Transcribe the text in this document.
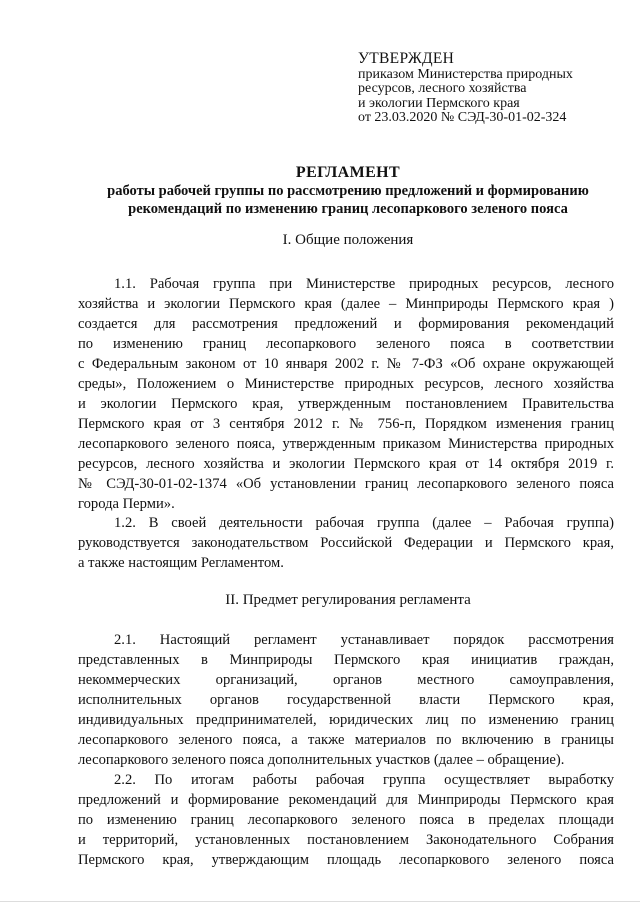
УТВЕРЖДЕН
приказом Министерства природных
ресурсов, лесного хозяйства
и экологии Пермского края
от 23.03.2020 № СЭД-30-01-02-324
РЕГЛАМЕНТ
работы рабочей группы по рассмотрению предложений и формированию
рекомендаций по изменению границ лесопаркового зеленого пояса
I. Общие положения
1.1. Рабочая группа при Министерстве природных ресурсов, лесного
хозяйства и экологии Пермского края (далее – Минприроды Пермского края )
создается для рассмотрения предложений и формирования рекомендаций
по изменению границ лесопаркового зеленого пояса в соответствии
с Федеральным законом от 10 января 2002 г. № 7-ФЗ «Об охране окружающей
среды», Положением о Министерстве природных ресурсов, лесного хозяйства
и экологии Пермского края, утвержденным постановлением Правительства
Пермского края от 3 сентября 2012 г. № 756-п, Порядком изменения границ
лесопаркового зеленого пояса, утвержденным приказом Министерства природных
ресурсов, лесного хозяйства и экологии Пермского края от 14 октября 2019 г.
№ СЭД-30-01-02-1374 «Об установлении границ лесопаркового зеленого пояса
города Перми».
1.2. В своей деятельности рабочая группа (далее – Рабочая группа)
руководствуется законодательством Российской Федерации и Пермского края,
а также настоящим Регламентом.
II. Предмет регулирования регламента
2.1. Настоящий регламент устанавливает порядок рассмотрения
представленных в Минприроды Пермского края инициатив граждан,
некоммерческих организаций, органов местного самоуправления,
исполнительных органов государственной власти Пермского края,
индивидуальных предпринимателей, юридических лиц по изменению границ
лесопаркового зеленого пояса, а также материалов по включению в границы
лесопаркового зеленого пояса дополнительных участков (далее – обращение).
2.2. По итогам работы рабочая группа осуществляет выработку
предложений и формирование рекомендаций для Минприроды Пермского края
по изменению границ лесопаркового зеленого пояса в пределах площади
и территорий, установленных постановлением Законодательного Собрания
Пермского края, утверждающим площадь лесопаркового зеленого пояса
